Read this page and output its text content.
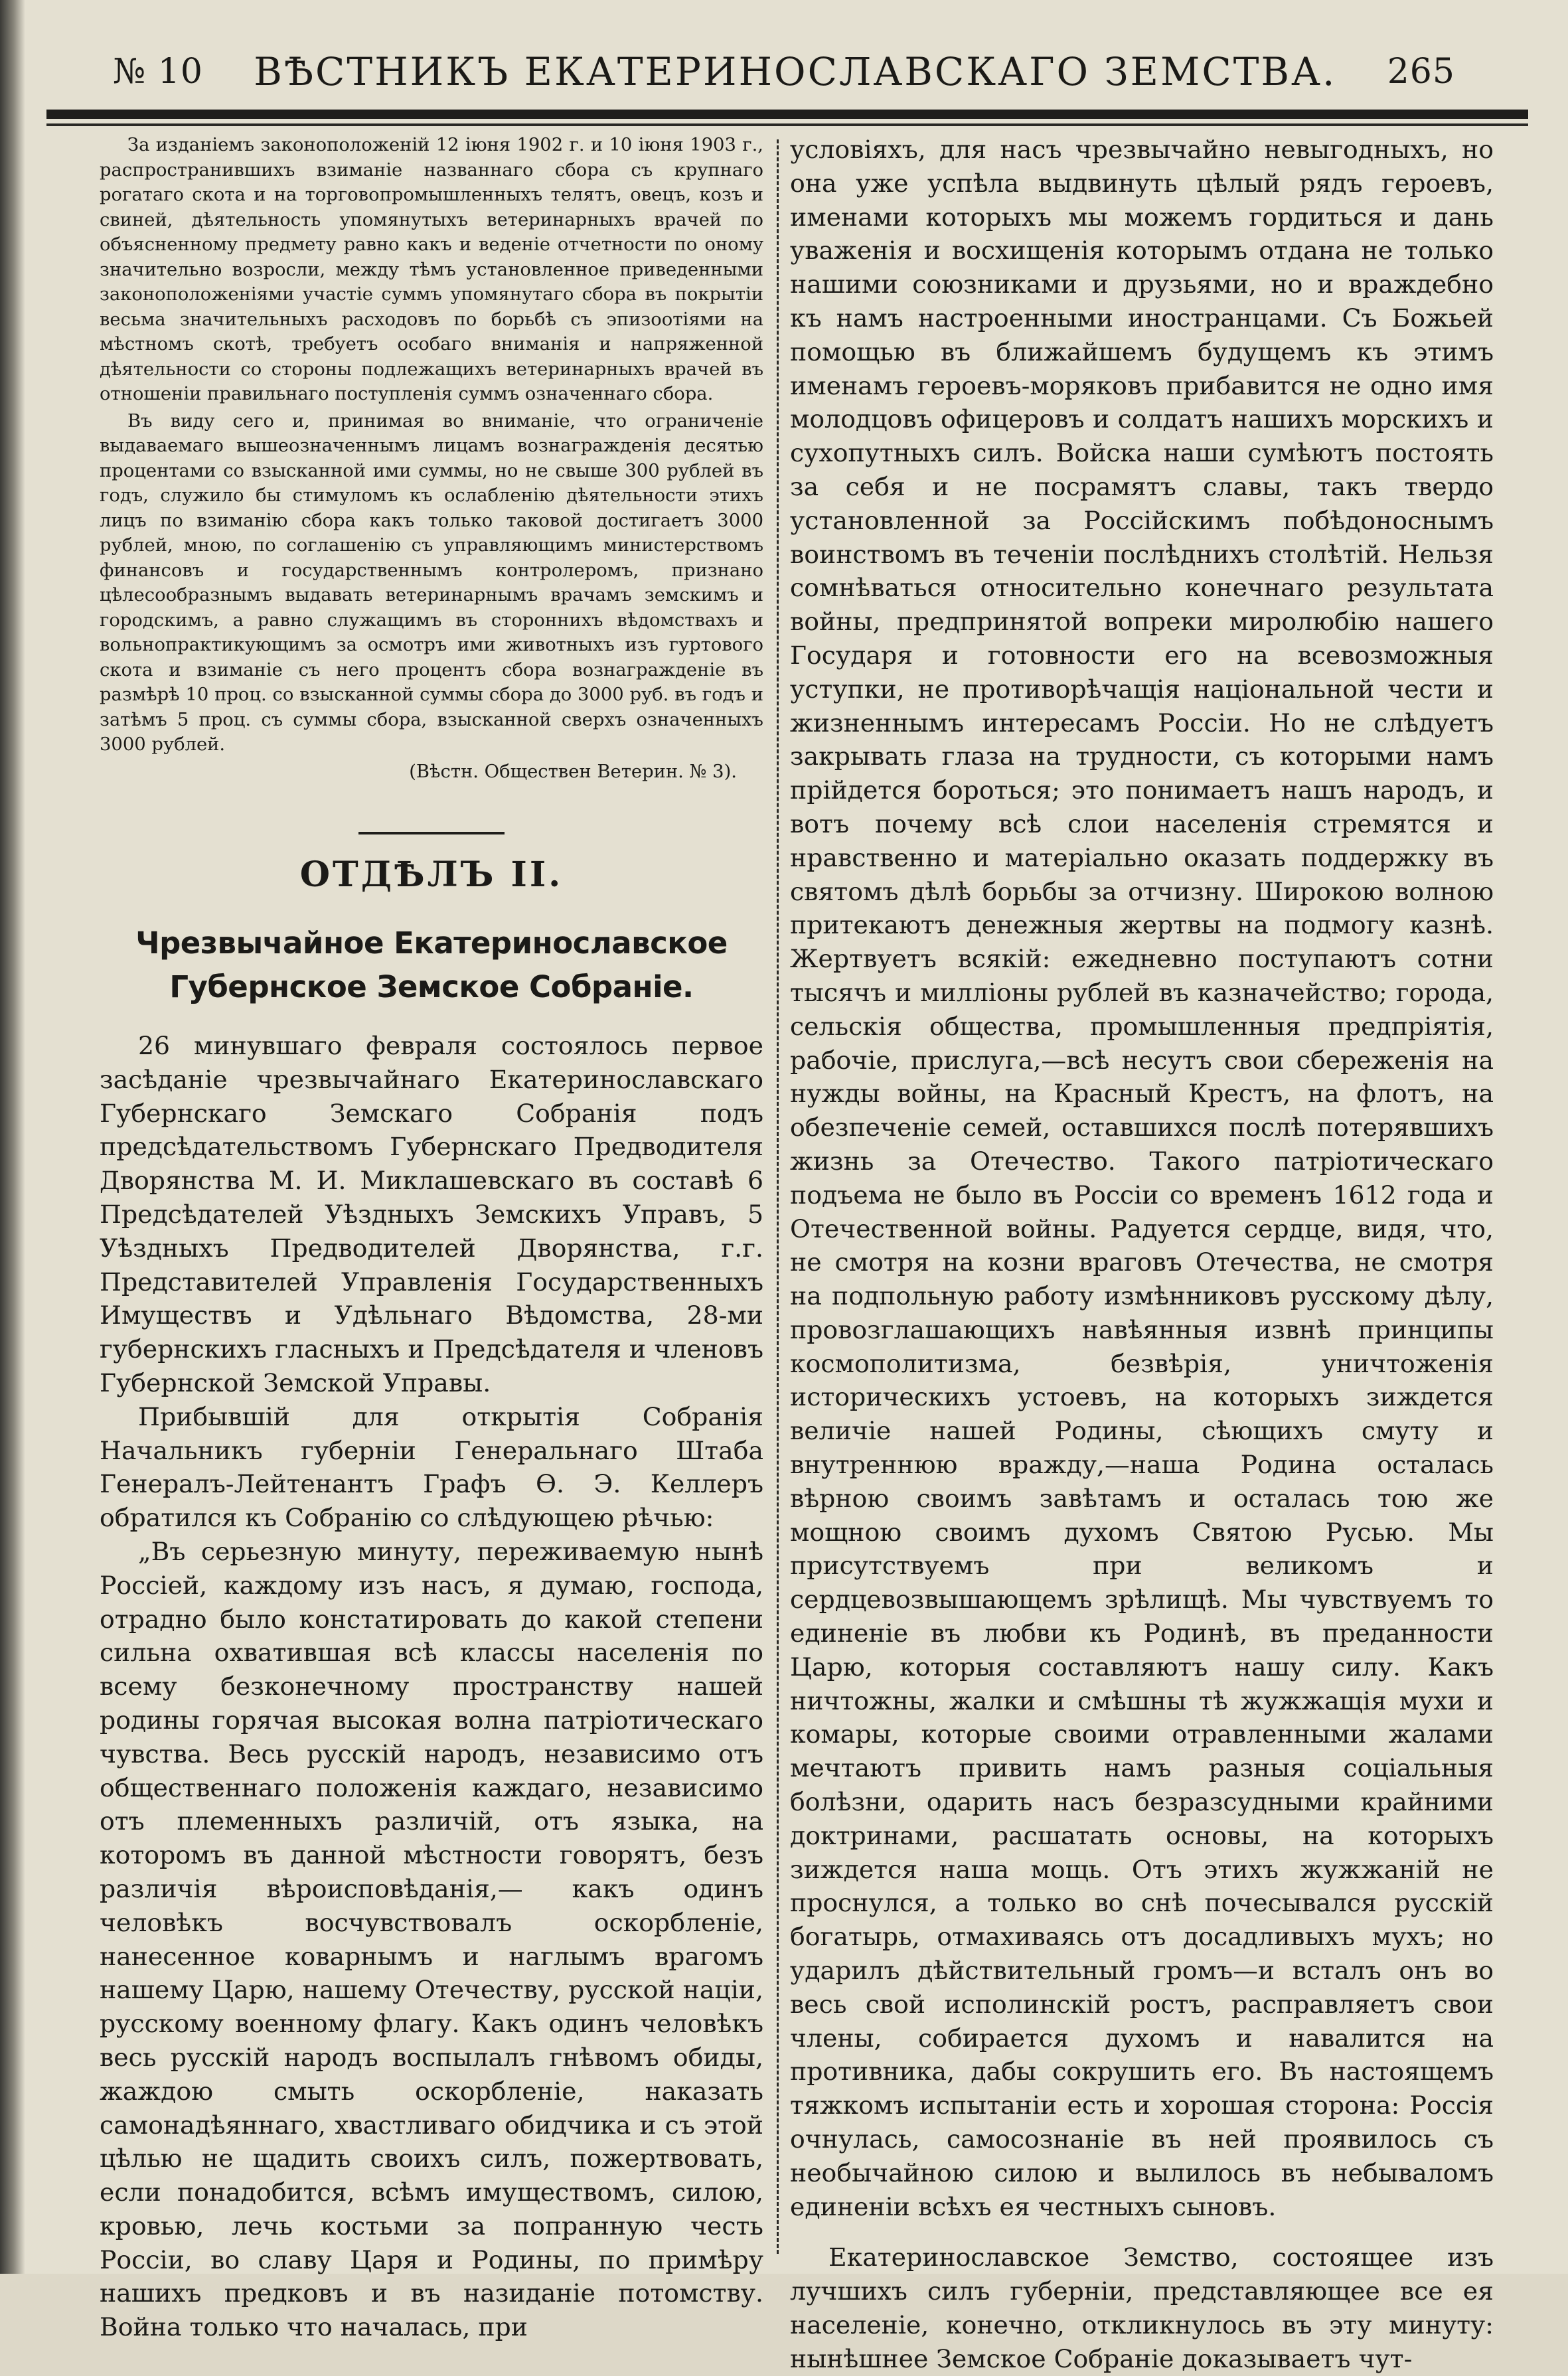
№ 10 ВѢСТНИКЪ ЕКАТЕРИНОСЛАВСКАГО ЗЕМСТВА. 265

За изданіемъ законоположеній 12 іюня 1902 г. и 10 іюня 1903 г., распространившихъ взиманіе названнаго сбора съ крупнаго рогатаго скота и на торговопромышленныхъ телятъ, овецъ, козъ и свиней, дѣятельность упомянутыхъ ветеринарныхъ врачей по объясненному предмету равно какъ и веденіе отчетности по оному значительно возросли, между тѣмъ установленное приведенными законоположеніями участіе суммъ упомянутаго сбора въ покрытіи весьма значительныхъ расходовъ по борьбѣ съ эпизоотіями на мѣстномъ скотѣ, требуетъ особаго вниманія и напряженной дѣятельности со стороны подлежащихъ ветеринарныхъ врачей въ отношеніи правильнаго поступленія суммъ означеннаго сбора.

Въ виду сего и, принимая во вниманіе, что ограниченіе выдаваемаго вышеозначеннымъ лицамъ вознагражденія десятью процентами со взысканной ими суммы, но не свыше 300 рублей въ годъ, служило бы стимуломъ къ ослабленію дѣятельности этихъ лицъ по взиманію сбора какъ только таковой достигаетъ 3000 рублей, мною, по соглашенію съ управляющимъ министерствомъ финансовъ и государственнымъ контролеромъ, признано цѣлесообразнымъ выдавать ветеринарнымъ врачамъ земскимъ и городскимъ, а равно служащимъ въ стороннихъ вѣдомствахъ и вольнопрактикующимъ за осмотръ ими животныхъ изъ гуртового скота и взиманіе съ него процентъ сбора вознагражденіе въ размѣрѣ 10 проц. со взысканной суммы сбора до 3000 руб. въ годъ и затѣмъ 5 проц. съ суммы сбора, взысканной сверхъ означенныхъ 3000 рублей.

(Вѣстн. Обществен Ветерин. № 3).

ОТДѢЛЪ II.
Чрезвычайное Екатеринославское Губернское Земское Собраніе.

26 минувшаго февраля состоялось первое засѣданіе чрезвычайнаго Екатеринославскаго Губернскаго Земскаго Собранія подъ предсѣдательствомъ Губернскаго Предводителя Дворянства М. И. Миклашевскаго въ составѣ 6 Предсѣдателей Уѣздныхъ Земскихъ Управъ, 5 Уѣздныхъ Предводителей Дворянства, г.г. Представителей Управленія Государственныхъ Имуществъ и Удѣльнаго Вѣдомства, 28-ми губернскихъ гласныхъ и Предсѣдателя и членовъ Губернской Земской Управы.

Прибывшій для открытія Собранія Начальникъ губерніи Генеральнаго Штаба Генералъ-Лейтенантъ Графъ Ѳ. Э. Келлеръ обратился къ Собранію со слѣдующею рѣчью:

„Въ серьезную минуту, переживаемую нынѣ Россіей, каждому изъ насъ, я думаю, господа, отрадно было констатировать до какой степени сильна охватившая всѣ классы населенія по всему безконечному пространству нашей родины горячая высокая волна патріотическаго чувства. Весь русскій народъ, независимо отъ общественнаго положенія каждаго, независимо отъ племенныхъ различій, отъ языка, на которомъ въ данной мѣстности говорятъ, безъ различія вѣроисповѣданія,— какъ одинъ человѣкъ восчувствовалъ оскорбленіе, нанесенное коварнымъ и наглымъ врагомъ нашему Царю, нашему Отечеству, русской націи, русскому военному флагу. Какъ одинъ человѣкъ весь русскій народъ воспылалъ гнѣвомъ обиды, жаждою смыть оскорбленіе, наказать самонадѣяннаго, хвастливаго обидчика и съ этой цѣлью не щадить своихъ силъ, пожертвовать, если понадобится, всѣмъ имуществомъ, силою, кровью, лечь костьми за попранную честь Россіи, во славу Царя и Родины, по примѣру нашихъ предковъ и въ назиданіе потомству. Война только что началась, при

условіяхъ, для насъ чрезвычайно невыгодныхъ, но она уже успѣла выдвинуть цѣлый рядъ героевъ, именами которыхъ мы можемъ гордиться и дань уваженія и восхищенія которымъ отдана не только нашими союзниками и друзьями, но и враждебно къ намъ настроенными иностранцами. Съ Божьей помощью въ ближайшемъ будущемъ къ этимъ именамъ героевъ-моряковъ прибавится не одно имя молодцовъ офицеровъ и солдатъ нашихъ морскихъ и сухопутныхъ силъ. Войска наши сумѣютъ постоять за себя и не посрамятъ славы, такъ твердо установленной за Россійскимъ побѣдоноснымъ воинствомъ въ теченіи послѣднихъ столѣтій. Нельзя сомнѣваться относительно конечнаго результата войны, предпринятой вопреки миролюбію нашего Государя и готовности его на всевозможныя уступки, не противорѣчащія національной чести и жизненнымъ интересамъ Россіи. Но не слѣдуетъ закрывать глаза на трудности, съ которыми намъ прійдется бороться; это понимаетъ нашъ народъ, и вотъ почему всѣ слои населенія стремятся и нравственно и матеріально оказать поддержку въ святомъ дѣлѣ борьбы за отчизну. Широкою волною притекаютъ денежныя жертвы на подмогу казнѣ. Жертвуетъ всякій: ежедневно поступаютъ сотни тысячъ и милліоны рублей въ казначейство; города, сельскія общества, промышленныя предпріятія, рабочіе, прислуга,—всѣ несутъ свои сбереженія на нужды войны, на Красный Крестъ, на флотъ, на обезпеченіе семей, оставшихся послѣ потерявшихъ жизнь за Отечество. Такого патріотическаго подъема не было въ Россіи со временъ 1612 года и Отечественной войны. Радуется сердце, видя, что, не смотря на козни враговъ Отечества, не смотря на подпольную работу измѣнниковъ русскому дѣлу, провозглашающихъ навѣянныя извнѣ принципы космополитизма, безвѣрія, уничтоженія историческихъ устоевъ, на которыхъ зиждется величіе нашей Родины, сѣющихъ смуту и внутреннюю вражду,—наша Родина осталась вѣрною своимъ завѣтамъ и осталась тою же мощною своимъ духомъ Святою Русью. Мы присутствуемъ при великомъ и сердцевозвышающемъ зрѣлищѣ. Мы чувствуемъ то единеніе въ любви къ Родинѣ, въ преданности Царю, которыя составляютъ нашу силу. Какъ ничтожны, жалки и смѣшны тѣ жужжащія мухи и комары, которые своими отравленными жалами мечтаютъ привить намъ разныя соціальныя болѣзни, одарить насъ безразсудными крайними доктринами, расшатать основы, на которыхъ зиждется наша мощь. Отъ этихъ жужжаній не проснулся, а только во снѣ почесывался русскій богатырь, отмахиваясь отъ досадливыхъ мухъ; но ударилъ дѣйствительный громъ—и всталъ онъ во весь свой исполинскій ростъ, расправляетъ свои члены, собирается духомъ и навалится на противника, дабы сокрушить его. Въ настоящемъ тяжкомъ испытаніи есть и хорошая сторона: Россія очнулась, самосознаніе въ ней проявилось съ необычайною силою и вылилось въ небываломъ единеніи всѣхъ ея честныхъ сыновъ.

Екатеринославское Земство, состоящее изъ лучшихъ силъ губерніи, представляющее все ея населеніе, конечно, откликнулось въ эту минуту: нынѣшнее Земское Собраніе доказываетъ чут-
